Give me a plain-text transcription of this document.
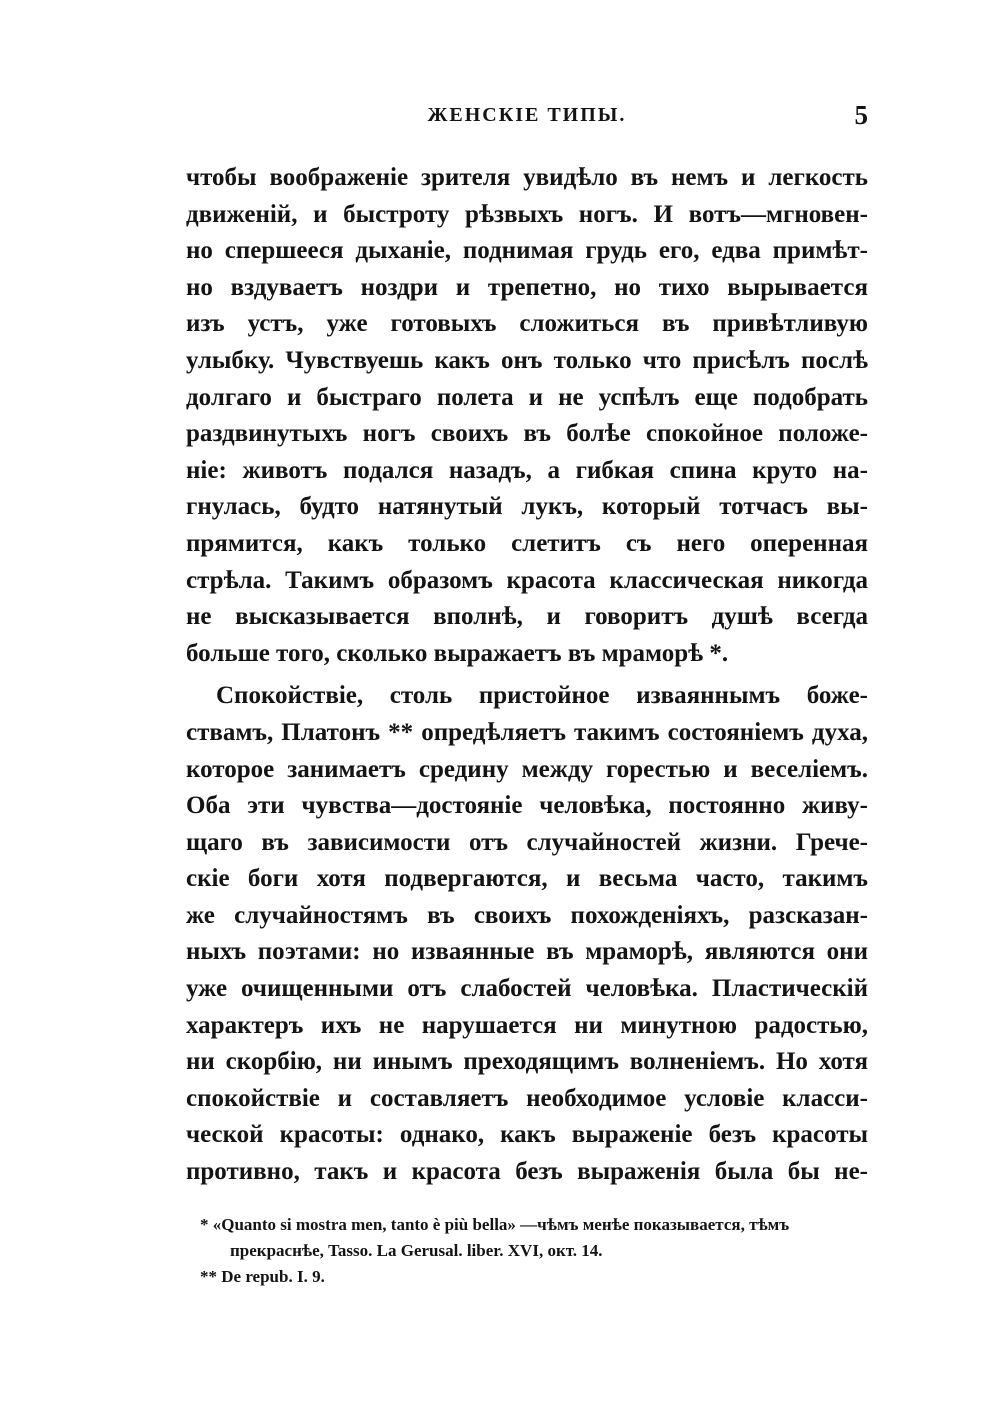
ЖЕНСКІЕ ТИПЫ.	5
чтобы воображеніе зрителя увидѣло въ немъ и легкость
движеній, и быстроту рѣзвыхъ ногъ. И вотъ—мгновен-
но спершееся дыханіе, поднимая грудь его, едва примѣт-
но вздуваетъ ноздри и трепетно, но тихо вырывается
изъ устъ, уже готовыхъ сложиться въ привѣтливую
улыбку. Чувствуешь какъ онъ только что присѣлъ послѣ
долгаго и быстраго полета и не успѣлъ еще подобрать
раздвинутыхъ ногъ своихъ въ болѣе спокойное положе-
ніе: животъ подался назадъ, а гибкая спина круто на-
гнулась, будто натянутый лукъ, который тотчасъ вы-
прямится, какъ только слетитъ съ него оперенная
стрѣла. Такимъ образомъ красота классическая никогда
не высказывается вполнѣ, и говоритъ душѣ всегда
больше того, сколько выражаетъ въ мраморѣ *.
Спокойствіе, столь пристойное изваяннымъ боже-
ствамъ, Платонъ ** опредѣляетъ такимъ состояніемъ духа,
которое занимаетъ средину между горестью и веселіемъ.
Оба эти чувства—достояніе человѣка, постоянно живу-
щаго въ зависимости отъ случайностей жизни. Грече-
скіе боги хотя подвергаются, и весьма часто, такимъ
же случайностямъ въ своихъ похожденіяхъ, разсказан-
ныхъ поэтами: но изваянные въ мраморѣ, являются они
уже очищенными отъ слабостей человѣка. Пластическій
характеръ ихъ не нарушается ни минутною радостью,
ни скорбію, ни инымъ преходящимъ волненіемъ. Но хотя
спокойствіе и составляетъ необходимое условіе класси-
ческой красоты: однако, какъ выраженіе безъ красоты
противно, такъ и красота безъ выраженія была бы не-
* «Quanto si mostra men, tanto è più bella» —чѣмъ менѣе показывается, тѣмъ
прекраснѣе, Tasso. La Gerusal. liber. XVI, окт. 14.
** De repub. I. 9.
